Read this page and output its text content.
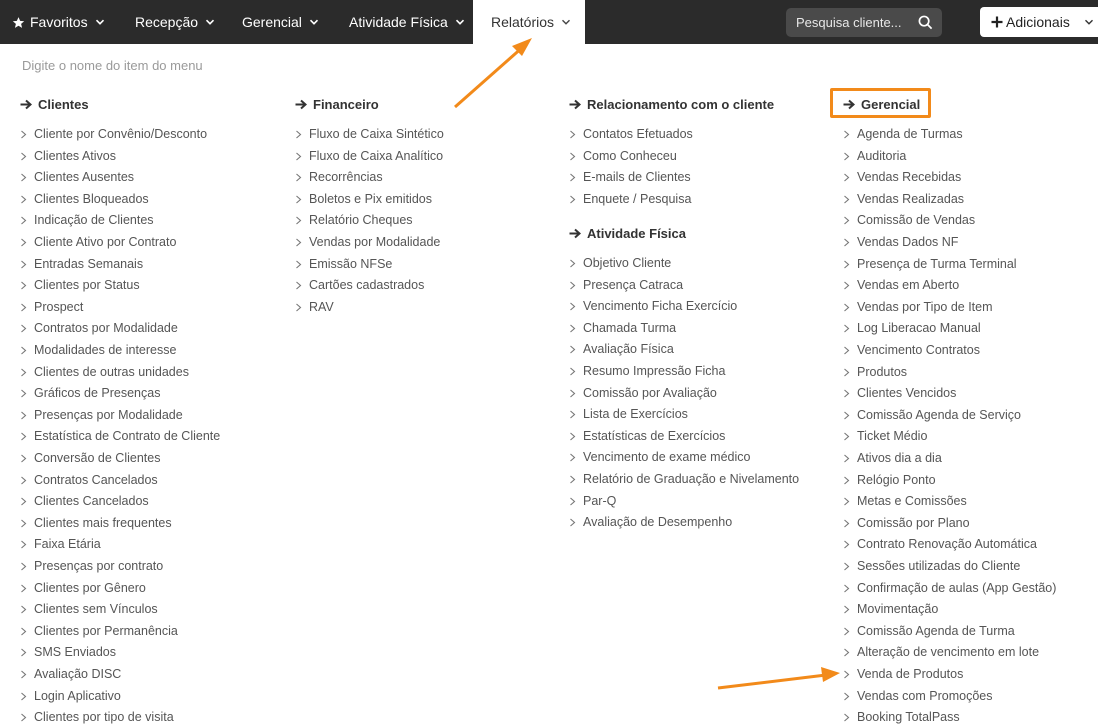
Favoritos	Recepção	Gerencial	Atividade Física	Relatórios
Pesquisa cliente...	Adicionais
Digite o nome do item do menu
Clientes
Cliente por Convênio/Desconto
Clientes Ativos
Clientes Ausentes
Clientes Bloqueados
Indicação de Clientes
Cliente Ativo por Contrato
Entradas Semanais
Clientes por Status
Prospect
Contratos por Modalidade
Modalidades de interesse
Clientes de outras unidades
Gráficos de Presenças
Presenças por Modalidade
Estatística de Contrato de Cliente
Conversão de Clientes
Contratos Cancelados
Clientes Cancelados
Clientes mais frequentes
Faixa Etária
Presenças por contrato
Clientes por Gênero
Clientes sem Vínculos
Clientes por Permanência
SMS Enviados
Avaliação DISC
Login Aplicativo
Clientes por tipo de visita
Financeiro
Fluxo de Caixa Sintético
Fluxo de Caixa Analítico
Recorrências
Boletos e Pix emitidos
Relatório Cheques
Vendas por Modalidade
Emissão NFSe
Cartões cadastrados
RAV
Relacionamento com o cliente
Contatos Efetuados
Como Conheceu
E-mails de Clientes
Enquete / Pesquisa
Atividade Física
Objetivo Cliente
Presença Catraca
Vencimento Ficha Exercício
Chamada Turma
Avaliação Física
Resumo Impressão Ficha
Comissão por Avaliação
Lista de Exercícios
Estatísticas de Exercícios
Vencimento de exame médico
Relatório de Graduação e Nivelamento
Par-Q
Avaliação de Desempenho
Gerencial
Agenda de Turmas
Auditoria
Vendas Recebidas
Vendas Realizadas
Comissão de Vendas
Vendas Dados NF
Presença de Turma Terminal
Vendas em Aberto
Vendas por Tipo de Item
Log Liberacao Manual
Vencimento Contratos
Produtos
Clientes Vencidos
Comissão Agenda de Serviço
Ticket Médio
Ativos dia a dia
Relógio Ponto
Metas e Comissões
Comissão por Plano
Contrato Renovação Automática
Sessões utilizadas do Cliente
Confirmação de aulas (App Gestão)
Movimentação
Comissão Agenda de Turma
Alteração de vencimento em lote
Venda de Produtos
Vendas com Promoções
Booking TotalPass
